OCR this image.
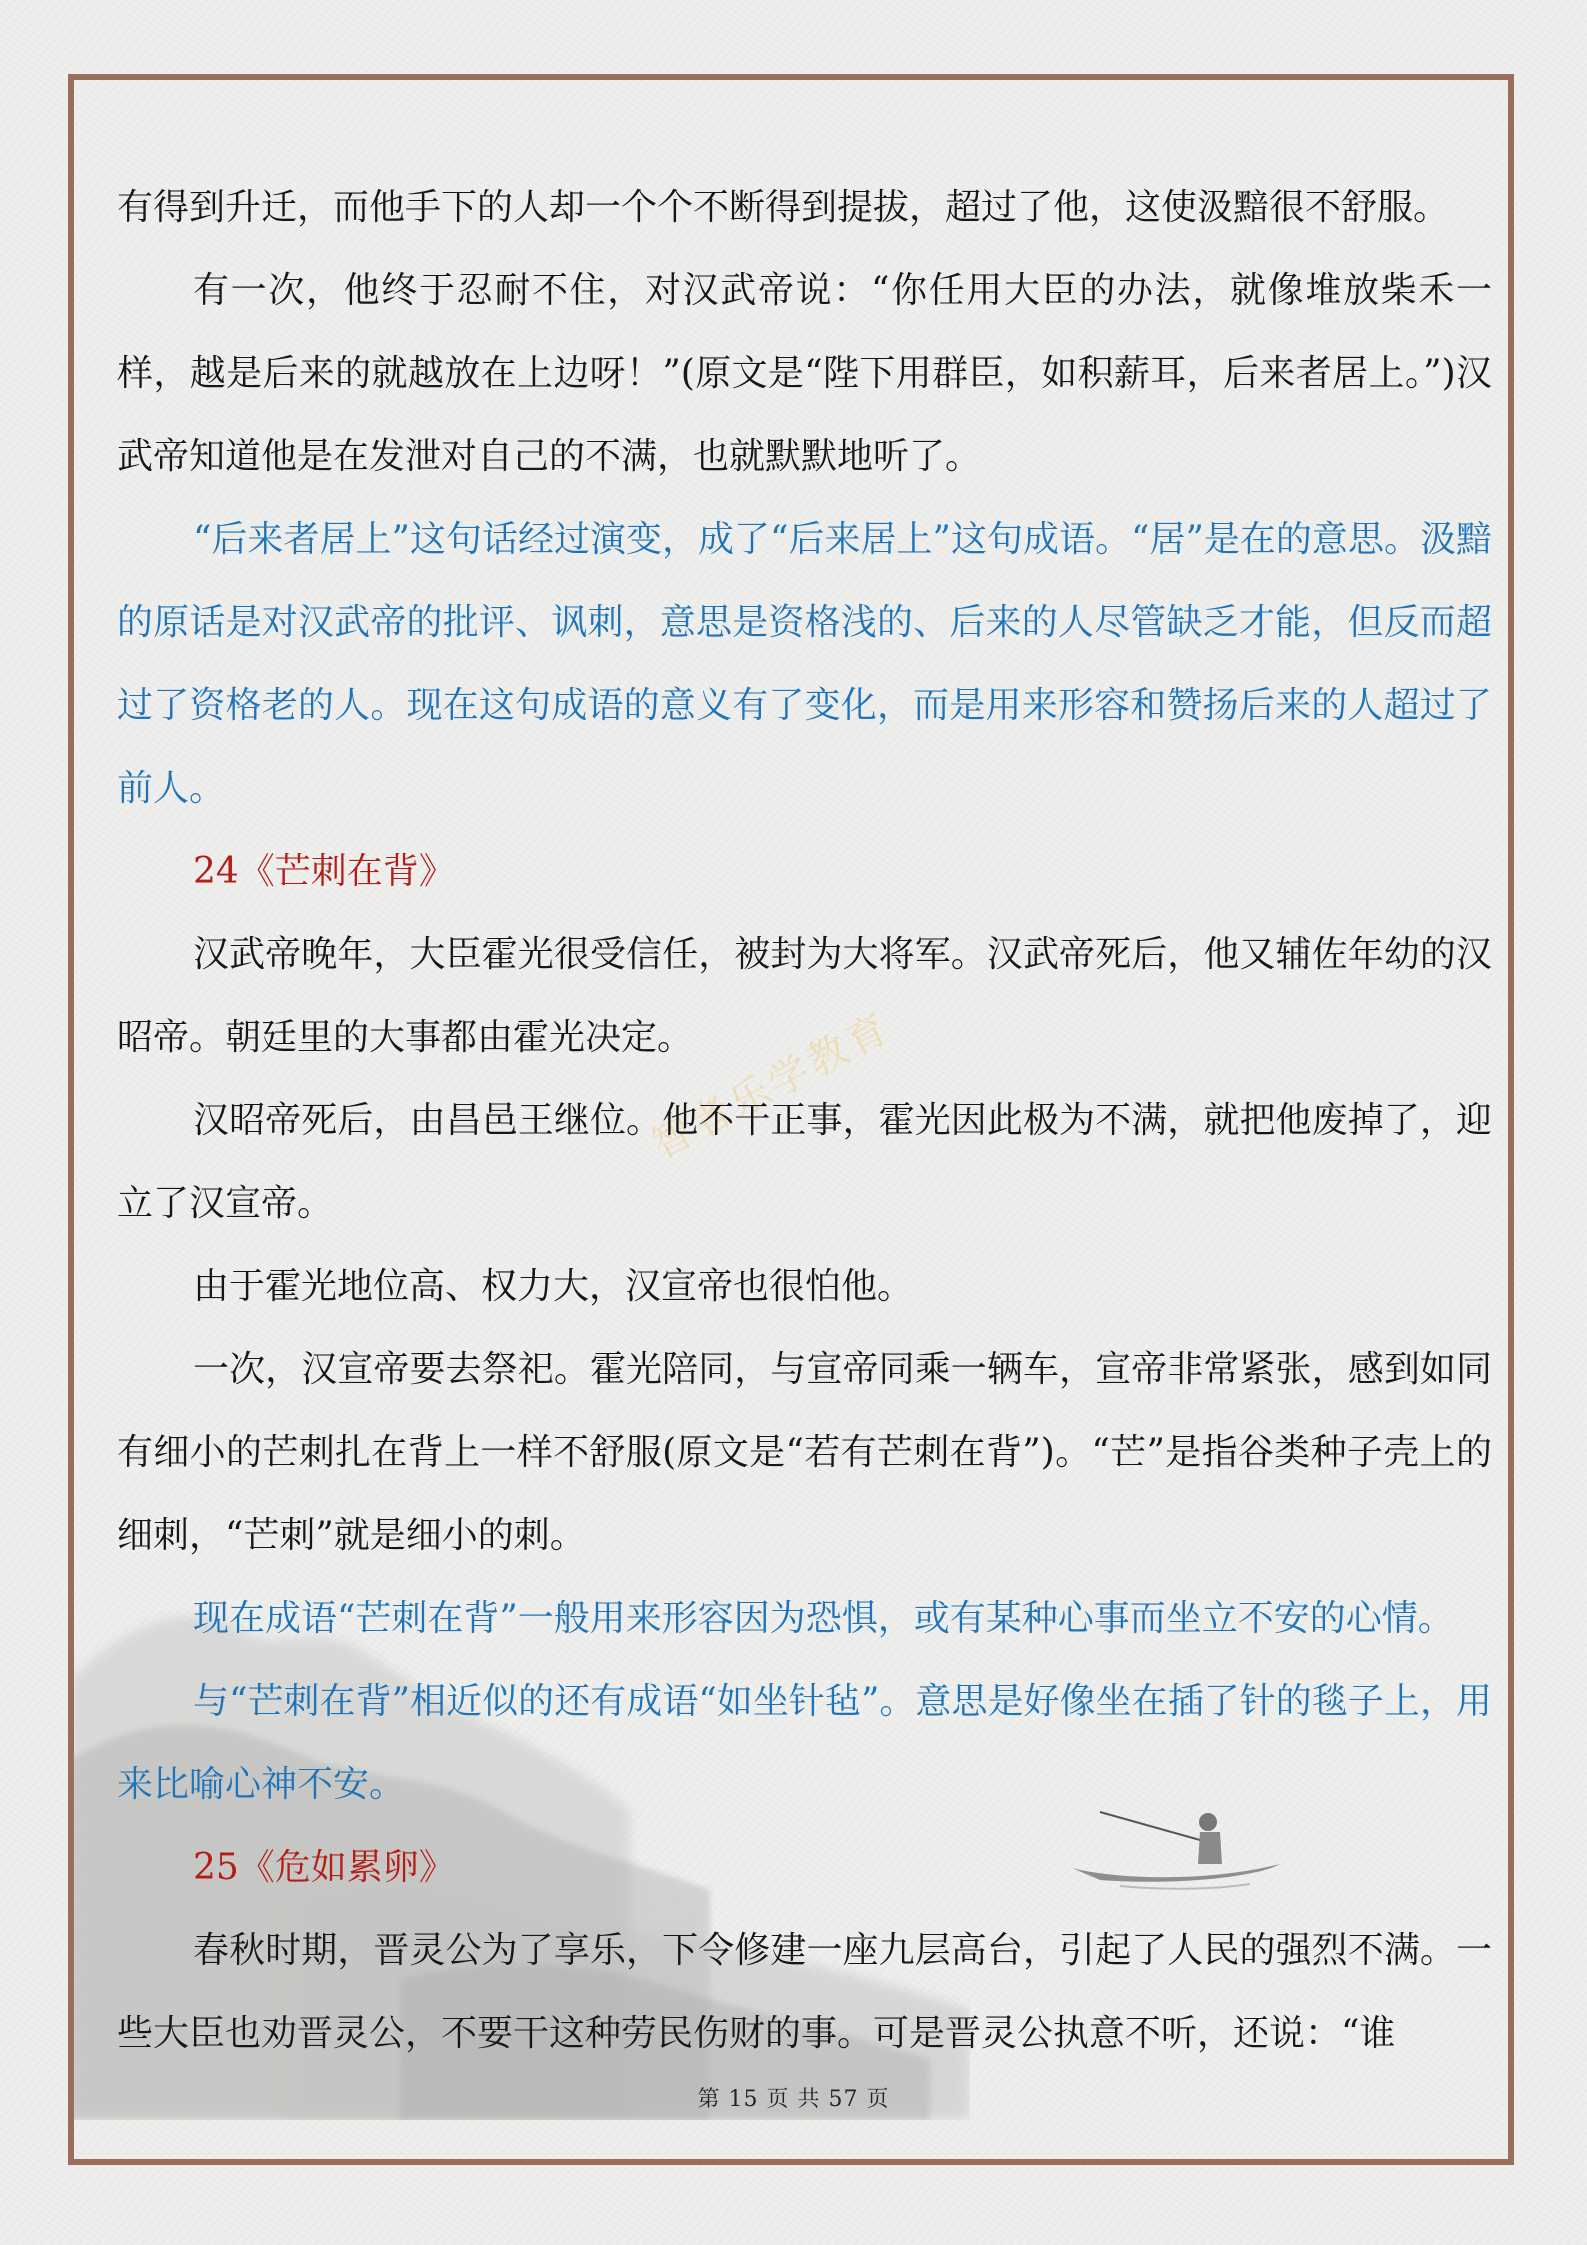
智者乐学教育

有得到升迁，而他手下的人却一个个不断得到提拔，超过了他，这使汲黯很不舒服。

有一次，他终于忍耐不住，对汉武帝说：“你任用大臣的办法，就像堆放柴禾一样，越是后来的就越放在上边呀！”(原文是“陛下用群臣，如积薪耳，后来者居上。”)汉武帝知道他是在发泄对自己的不满，也就默默地听了。

“后来者居上”这句话经过演变，成了“后来居上”这句成语。“居”是在的意思。汲黯的原话是对汉武帝的批评、讽刺，意思是资格浅的、后来的人尽管缺乏才能，但反而超过了资格老的人。现在这句成语的意义有了变化，而是用来形容和赞扬后来的人超过了前人。

24《芒刺在背》

汉武帝晚年，大臣霍光很受信任，被封为大将军。汉武帝死后，他又辅佐年幼的汉昭帝。朝廷里的大事都由霍光决定。

汉昭帝死后，由昌邑王继位。他不干正事，霍光因此极为不满，就把他废掉了，迎立了汉宣帝。

由于霍光地位高、权力大，汉宣帝也很怕他。

一次，汉宣帝要去祭祀。霍光陪同，与宣帝同乘一辆车，宣帝非常紧张，感到如同有细小的芒刺扎在背上一样不舒服(原文是“若有芒刺在背”)。“芒”是指谷类种子壳上的细刺，“芒刺”就是细小的刺。

现在成语“芒刺在背”一般用来形容因为恐惧，或有某种心事而坐立不安的心情。

与“芒刺在背”相近似的还有成语“如坐针毡”。意思是好像坐在插了针的毯子上，用来比喻心神不安。

25《危如累卵》

春秋时期，晋灵公为了享乐，下令修建一座九层高台，引起了人民的强烈不满。一些大臣也劝晋灵公，不要干这种劳民伤财的事。可是晋灵公执意不听，还说：“谁

第 15 页 共 57 页
